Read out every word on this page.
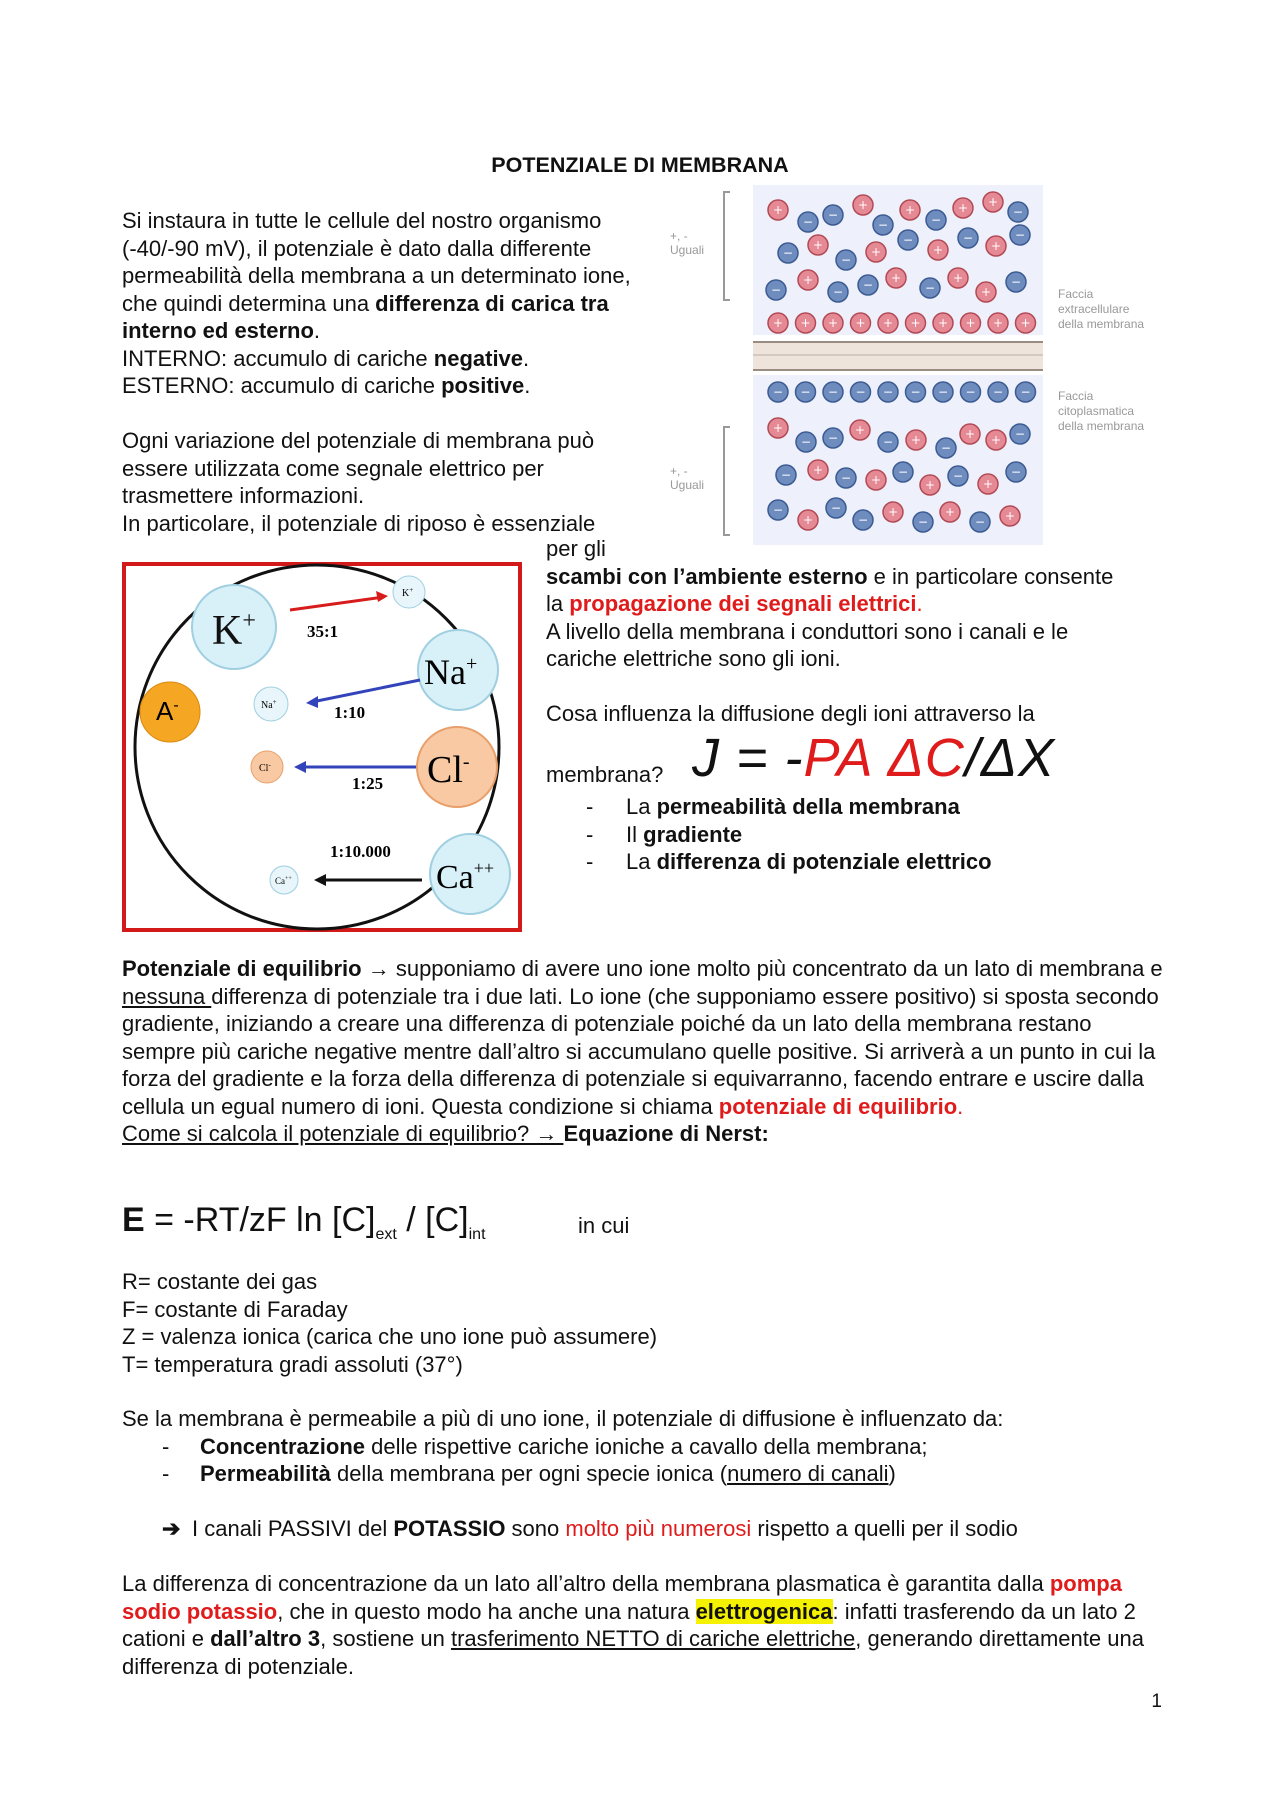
POTENZIALE DI MEMBRANA

Si instaura in tutte le cellule del nostro organismo (-40/-90 mV), il potenziale è dato dalla differente permeabilità della membrana a un determinato ione, che quindi determina una differenza di carica tra interno ed esterno.

INTERNO: accumulo di cariche negative.

ESTERNO: accumulo di cariche positive.

Ogni variazione del potenziale di membrana può essere utilizzata come segnale elettrico per trasmettere informazioni.

In particolare, il potenziale di riposo è essenziale

per gli

scambi con l’ambiente esterno e in particolare consente

la propagazione dei segnali elettrici.

A livello della membrana i conduttori sono i canali e le cariche elettriche sono gli ioni.

Cosa influenza la diffusione degli ioni attraverso la

membrana? J = -PA ΔC/ΔX
- La permeabilità della membrana
- Il gradiente
- La differenza di potenziale elettrico
+
− −
+
−
+
−
+ +
−
−
+
−
+
−
+
−
+
−
−
+
− − +
−
+
+
−
+ + + + + + + + + +
− − − − − − − − − −
+
− −
+
− +
−
+ + −
− +
− +
−
+
−
+
−
−
+
−
−
+
−
+
− +
+, -Uguali
+, -Uguali
Faccia extracellulare della membrana
Faccia citoplasmatica della membrana
K+
K+
35:1
Na+
Na+
1:10
A-
Cl-
Cl-
1:25
Ca++
Ca++
1:10.000

Potenziale di equilibrio → supponiamo di avere uno ione molto più concentrato da un lato di membrana e nessuna differenza di potenziale tra i due lati. Lo ione (che supponiamo essere positivo) si sposta secondo gradiente, iniziando a creare una differenza di potenziale poiché da un lato della membrana restano sempre più cariche negative mentre dall’altro si accumulano quelle positive. Si arriverà a un punto in cui la forza del gradiente e la forza della differenza di potenziale si equivarranno, facendo entrare e uscire dalla cellula un egual numero di ioni. Questa condizione si chiama potenziale di equilibrio.

Come si calcola il potenziale di equilibrio? → Equazione di Nerst:

E = -RT/zF $\ln [C]_{ext} / [C]_{int}$	in cui

R= costante dei gas

F= costante di Faraday

Z = valenza ionica (carica che uno ione può assumere)

T= temperatura gradi assoluti (37°)

Se la membrana è permeabile a più di uno ione, il potenziale di diffusione è influenzato da:

- Concentrazione delle rispettive cariche ioniche a cavallo della membrana;
- Permeabilità della membrana per ogni specie ionica (numero di canali)
➔ I canali PASSIVI del POTASSIO sono molto più numerosi rispetto a quelli per il sodio

La differenza di concentrazione da un lato all’altro della membrana plasmatica è garantita dalla pompa sodio potassio, che in questo modo ha anche una natura elettrogenica: infatti trasferendo da un lato 2 cationi e dall’altro 3, sostiene un trasferimento NETTO di cariche elettriche, generando direttamente una differenza di potenziale.

1
